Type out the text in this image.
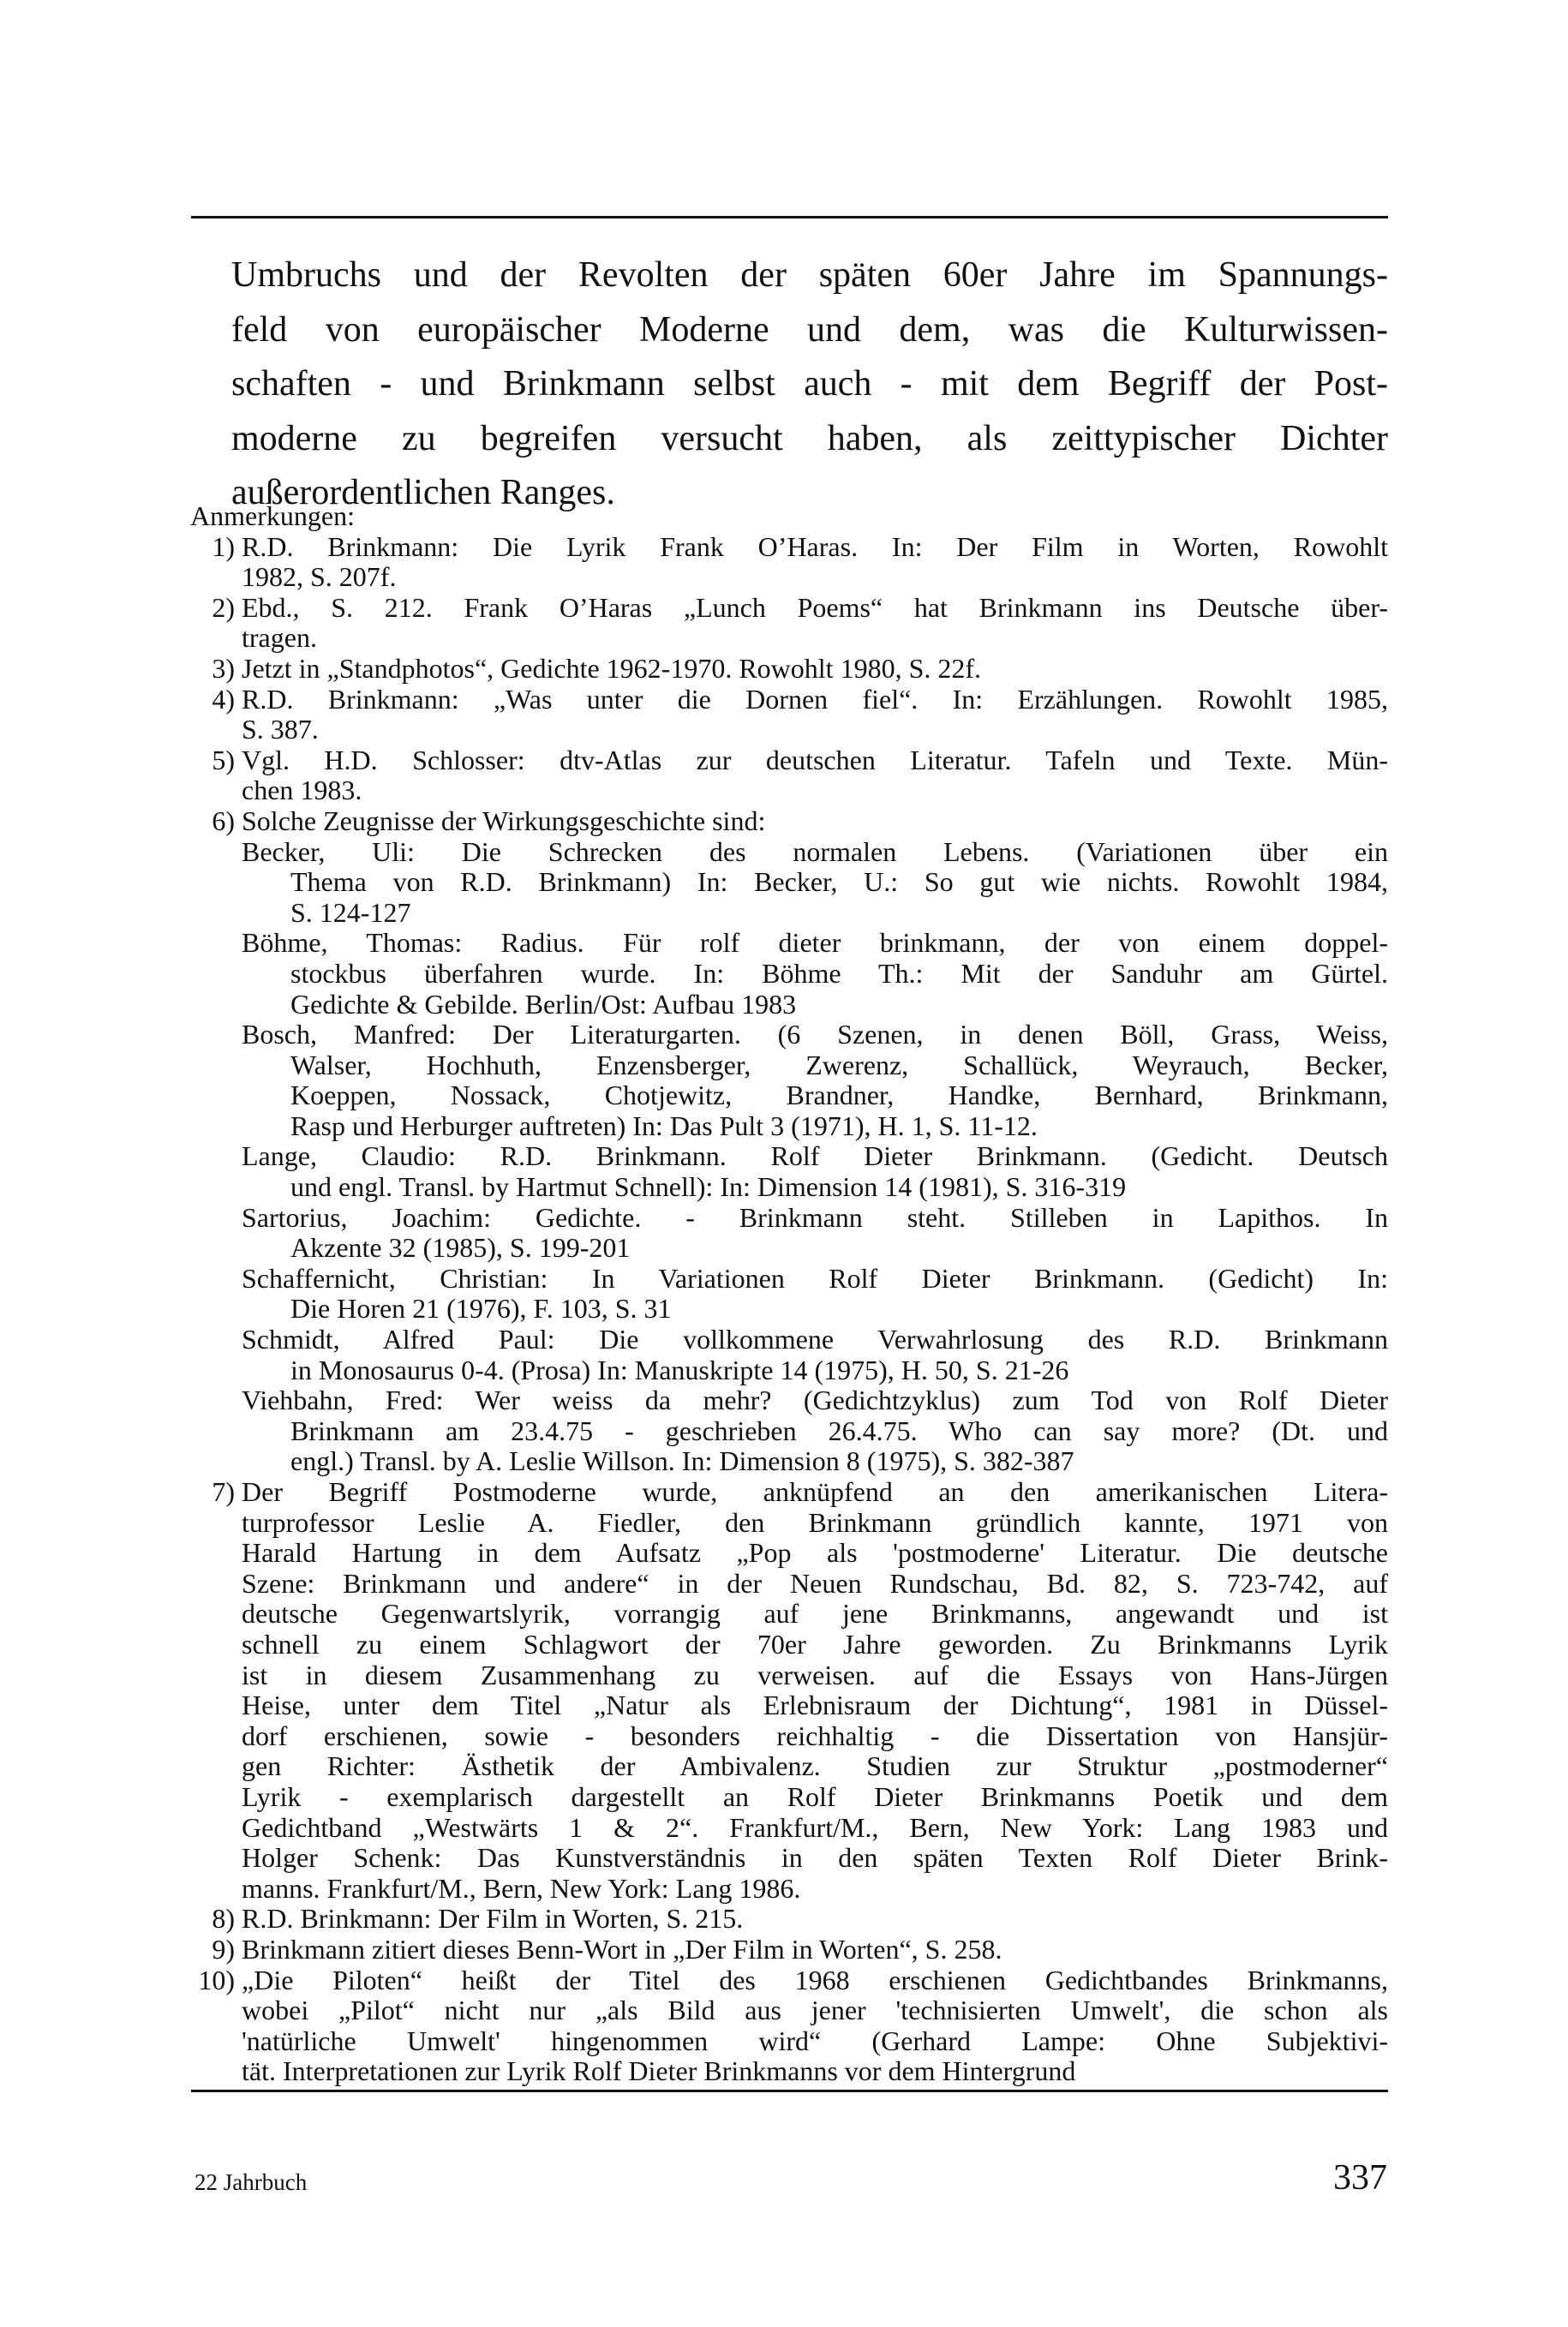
Umbruchs und der Revolten der späten 60er Jahre im Spannungs-
feld von europäischer Moderne und dem, was die Kulturwissen-
schaften - und Brinkmann selbst auch - mit dem Begriff der Post-
moderne zu begreifen versucht haben, als zeittypischer Dichter
außerordentlichen Ranges.
Anmerkungen:
1) R.D. Brinkmann: Die Lyrik Frank O’Haras. In: Der Film in Worten, Rowohlt
1982, S. 207f.
2) Ebd., S. 212. Frank O’Haras „Lunch Poems“ hat Brinkmann ins Deutsche über-
tragen.
3) Jetzt in „Standphotos“, Gedichte 1962-1970. Rowohlt 1980, S. 22f.
4) R.D. Brinkmann: „Was unter die Dornen fiel“. In: Erzählungen. Rowohlt 1985,
S. 387.
5) Vgl. H.D. Schlosser: dtv-Atlas zur deutschen Literatur. Tafeln und Texte. Mün-
chen 1983.
6) Solche Zeugnisse der Wirkungsgeschichte sind:
Becker, Uli: Die Schrecken des normalen Lebens. (Variationen über ein
Thema von R.D. Brinkmann) In: Becker, U.: So gut wie nichts. Rowohlt 1984,
S. 124-127
Böhme, Thomas: Radius. Für rolf dieter brinkmann, der von einem doppel-
stockbus überfahren wurde. In: Böhme Th.: Mit der Sanduhr am Gürtel.
Gedichte & Gebilde. Berlin/Ost: Aufbau 1983
Bosch, Manfred: Der Literaturgarten. (6 Szenen, in denen Böll, Grass, Weiss,
Walser, Hochhuth, Enzensberger, Zwerenz, Schallück, Weyrauch, Becker,
Koeppen, Nossack, Chotjewitz, Brandner, Handke, Bernhard, Brinkmann,
Rasp und Herburger auftreten) In: Das Pult 3 (1971), H. 1, S. 11-12.
Lange, Claudio: R.D. Brinkmann. Rolf Dieter Brinkmann. (Gedicht. Deutsch
und engl. Transl. by Hartmut Schnell): In: Dimension 14 (1981), S. 316-319
Sartorius, Joachim: Gedichte. - Brinkmann steht. Stilleben in Lapithos. In
Akzente 32 (1985), S. 199-201
Schaffernicht, Christian: In Variationen Rolf Dieter Brinkmann. (Gedicht) In:
Die Horen 21 (1976), F. 103, S. 31
Schmidt, Alfred Paul: Die vollkommene Verwahrlosung des R.D. Brinkmann
in Monosaurus 0-4. (Prosa) In: Manuskripte 14 (1975), H. 50, S. 21-26
Viehbahn, Fred: Wer weiss da mehr? (Gedichtzyklus) zum Tod von Rolf Dieter
Brinkmann am 23.4.75 - geschrieben 26.4.75. Who can say more? (Dt. und
engl.) Transl. by A. Leslie Willson. In: Dimension 8 (1975), S. 382-387
7) Der Begriff Postmoderne wurde, anknüpfend an den amerikanischen Litera-
turprofessor Leslie A. Fiedler, den Brinkmann gründlich kannte, 1971 von
Harald Hartung in dem Aufsatz „Pop als 'postmoderne' Literatur. Die deutsche
Szene: Brinkmann und andere“ in der Neuen Rundschau, Bd. 82, S. 723-742, auf
deutsche Gegenwartslyrik, vorrangig auf jene Brinkmanns, angewandt und ist
schnell zu einem Schlagwort der 70er Jahre geworden. Zu Brinkmanns Lyrik
ist in diesem Zusammenhang zu verweisen. auf die Essays von Hans-Jürgen
Heise, unter dem Titel „Natur als Erlebnisraum der Dichtung“, 1981 in Düssel-
dorf erschienen, sowie - besonders reichhaltig - die Dissertation von Hansjür-
gen Richter: Ästhetik der Ambivalenz. Studien zur Struktur „postmoderner“
Lyrik - exemplarisch dargestellt an Rolf Dieter Brinkmanns Poetik und dem
Gedichtband „Westwärts 1 & 2“. Frankfurt/M., Bern, New York: Lang 1983 und
Holger Schenk: Das Kunstverständnis in den späten Texten Rolf Dieter Brink-
manns. Frankfurt/M., Bern, New York: Lang 1986.
8) R.D. Brinkmann: Der Film in Worten, S. 215.
9) Brinkmann zitiert dieses Benn-Wort in „Der Film in Worten“, S. 258.
10) „Die Piloten“ heißt der Titel des 1968 erschienen Gedichtbandes Brinkmanns,
wobei „Pilot“ nicht nur „als Bild aus jener 'technisierten Umwelt', die schon als
'natürliche Umwelt' hingenommen wird“ (Gerhard Lampe: Ohne Subjektivi-
tät. Interpretationen zur Lyrik Rolf Dieter Brinkmanns vor dem Hintergrund
22 Jahrbuch	337
